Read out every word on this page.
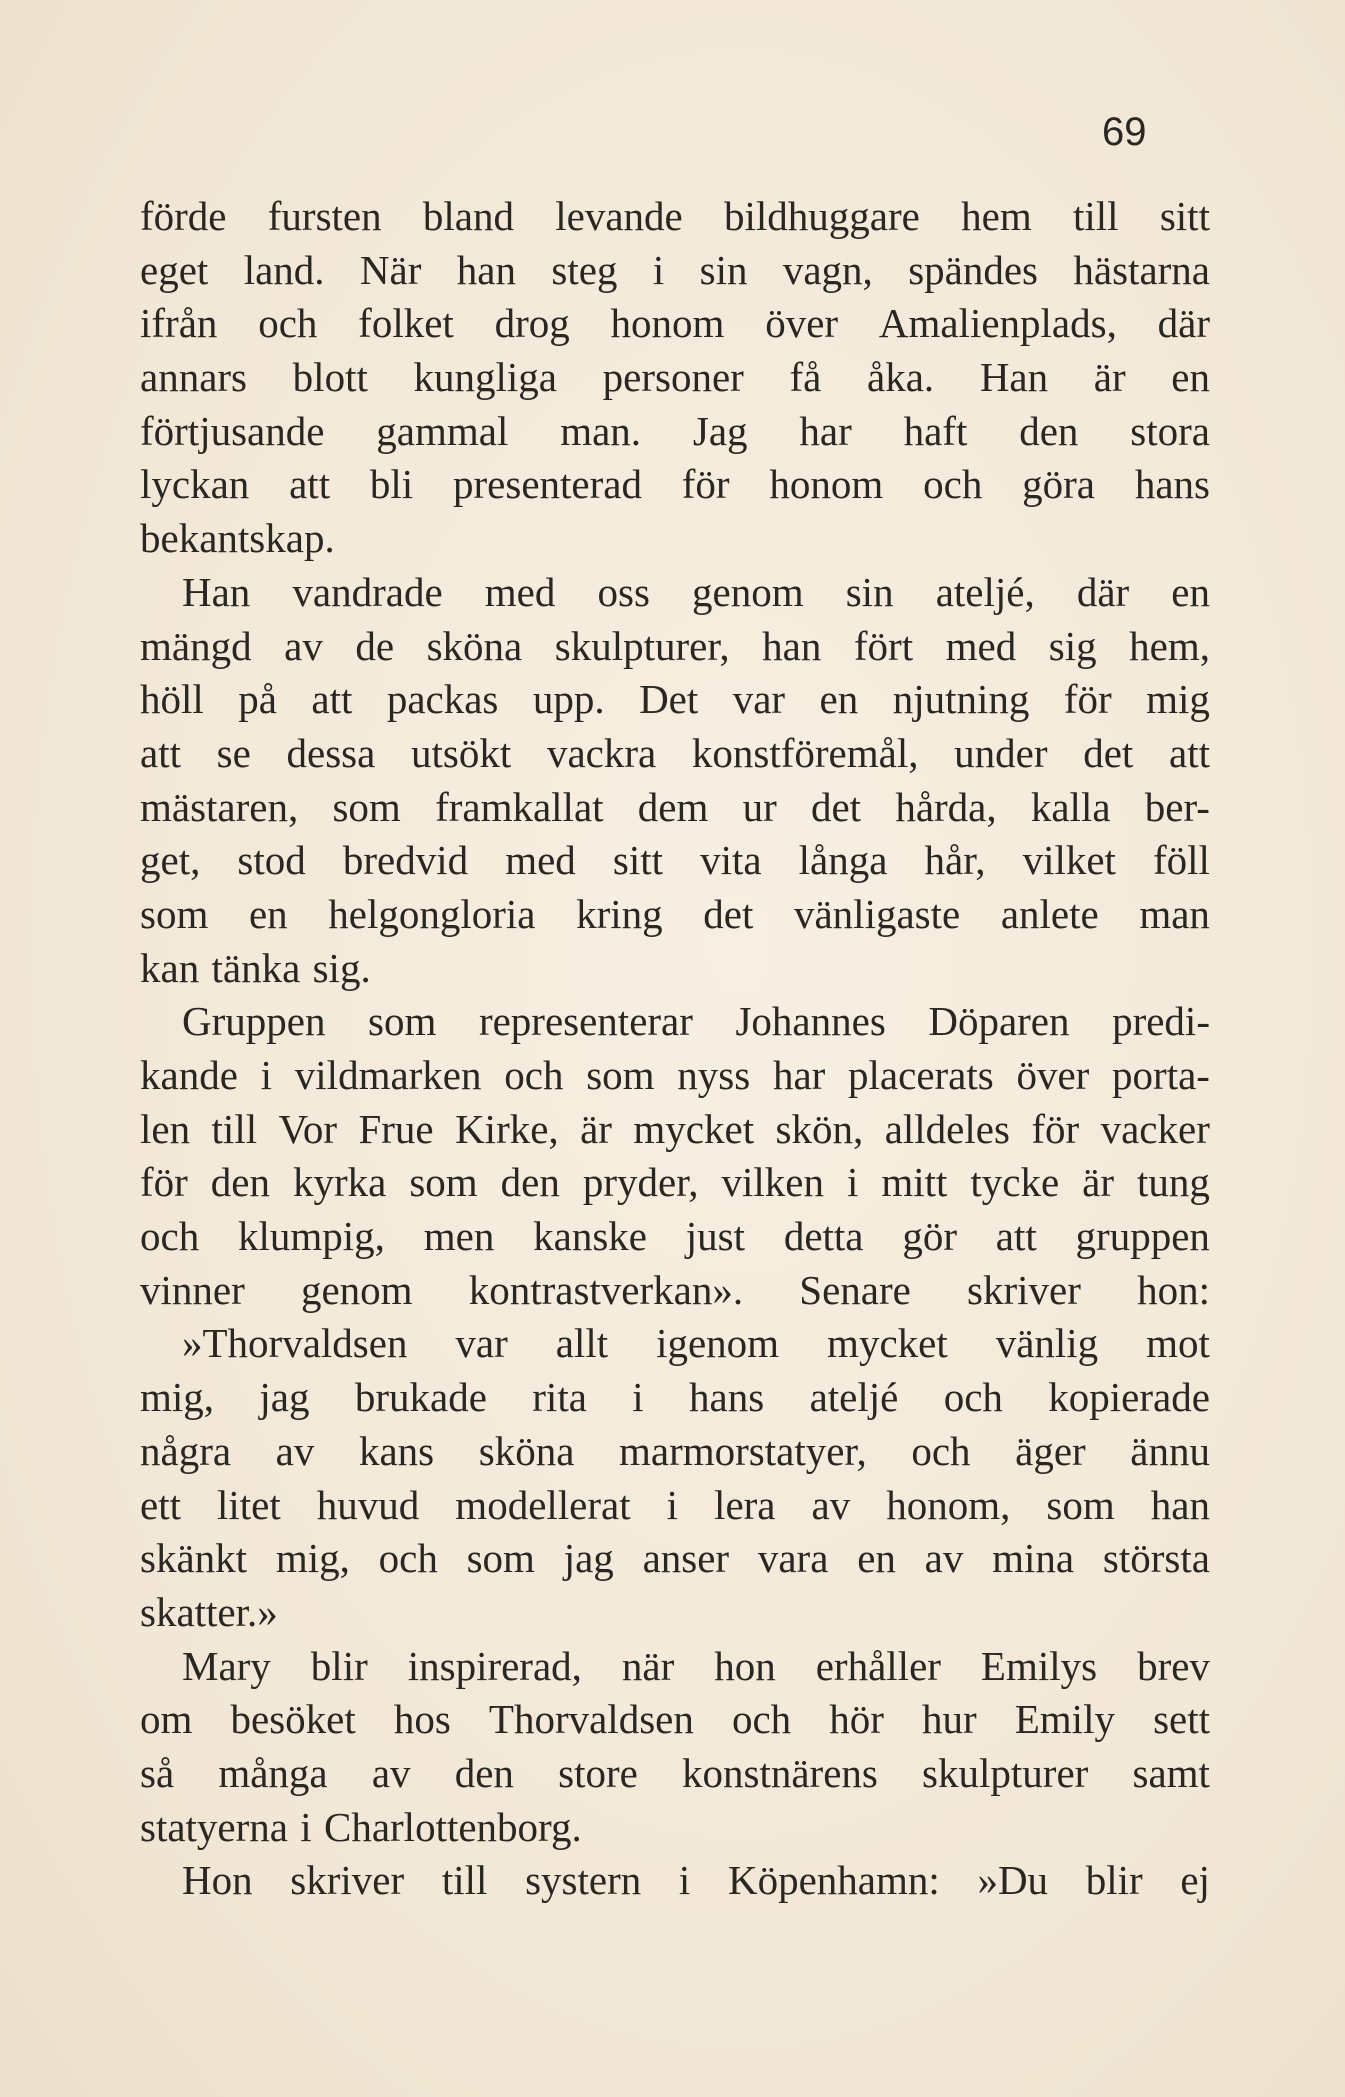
69
förde fursten bland levande bildhuggare hem till sitt
eget land. När han steg i sin vagn, spändes hästarna
ifrån och folket drog honom över Amalienplads, där
annars blott kungliga personer få åka. Han är en
förtjusande gammal man. Jag har haft den stora
lyckan att bli presenterad för honom och göra hans
bekantskap.
Han vandrade med oss genom sin ateljé, där en
mängd av de sköna skulpturer, han fört med sig hem,
höll på att packas upp. Det var en njutning för mig
att se dessa utsökt vackra konstföremål, under det att
mästaren, som framkallat dem ur det hårda, kalla ber-
get, stod bredvid med sitt vita långa hår, vilket föll
som en helgongloria kring det vänligaste anlete man
kan tänka sig.
Gruppen som representerar Johannes Döparen predi-
kande i vildmarken och som nyss har placerats över porta-
len till Vor Frue Kirke, är mycket skön, alldeles för vacker
för den kyrka som den pryder, vilken i mitt tycke är tung
och klumpig, men kanske just detta gör att gruppen
vinner genom kontrastverkan». Senare skriver hon:
»Thorvaldsen var allt igenom mycket vänlig mot
mig, jag brukade rita i hans ateljé och kopierade
några av kans sköna marmorstatyer, och äger ännu
ett litet huvud modellerat i lera av honom, som han
skänkt mig, och som jag anser vara en av mina största
skatter.»
Mary blir inspirerad, när hon erhåller Emilys brev
om besöket hos Thorvaldsen och hör hur Emily sett
så många av den store konstnärens skulpturer samt
statyerna i Charlottenborg.
Hon skriver till systern i Köpenhamn: »Du blir ej
